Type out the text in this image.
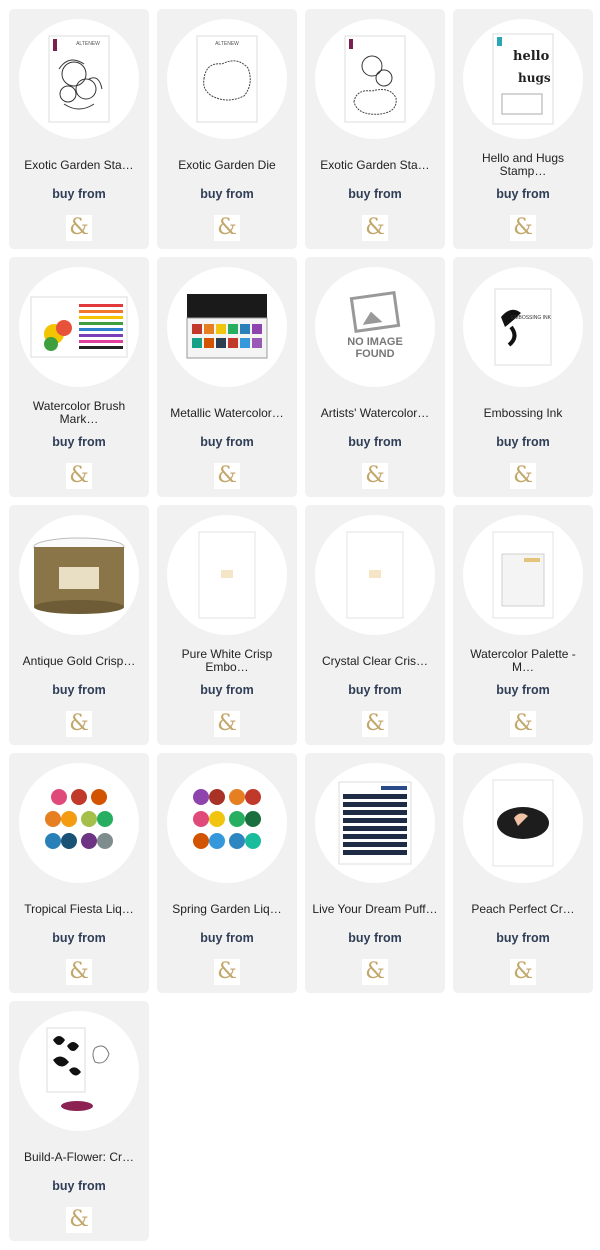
ALTENEW
Exotic Garden Sta…
buy from
&
ALTENEW
Exotic Garden Die
buy from
&
Exotic Garden Sta…
buy from
&
hello
hugs
Hello and Hugs Stamp…
buy from
&
Watercolor Brush Mark…
buy from
&
Metallic Watercolor…
buy from
&
NO IMAGE FOUND
Artists' Watercolor…
buy from
&
EMBOSSING INK
Embossing Ink
buy from
&
Antique Gold Crisp…
buy from
&
Pure White Crisp Embo…
buy from
&
Crystal Clear Cris…
buy from
&
Watercolor Palette - M…
buy from
&
Tropical Fiesta Liq…
buy from
&
Spring Garden Liq…
buy from
&
Live Your Dream Puff…
buy from
&
Peach Perfect Cr…
buy from
&
Build-A-Flower: Cr…
buy from
&
